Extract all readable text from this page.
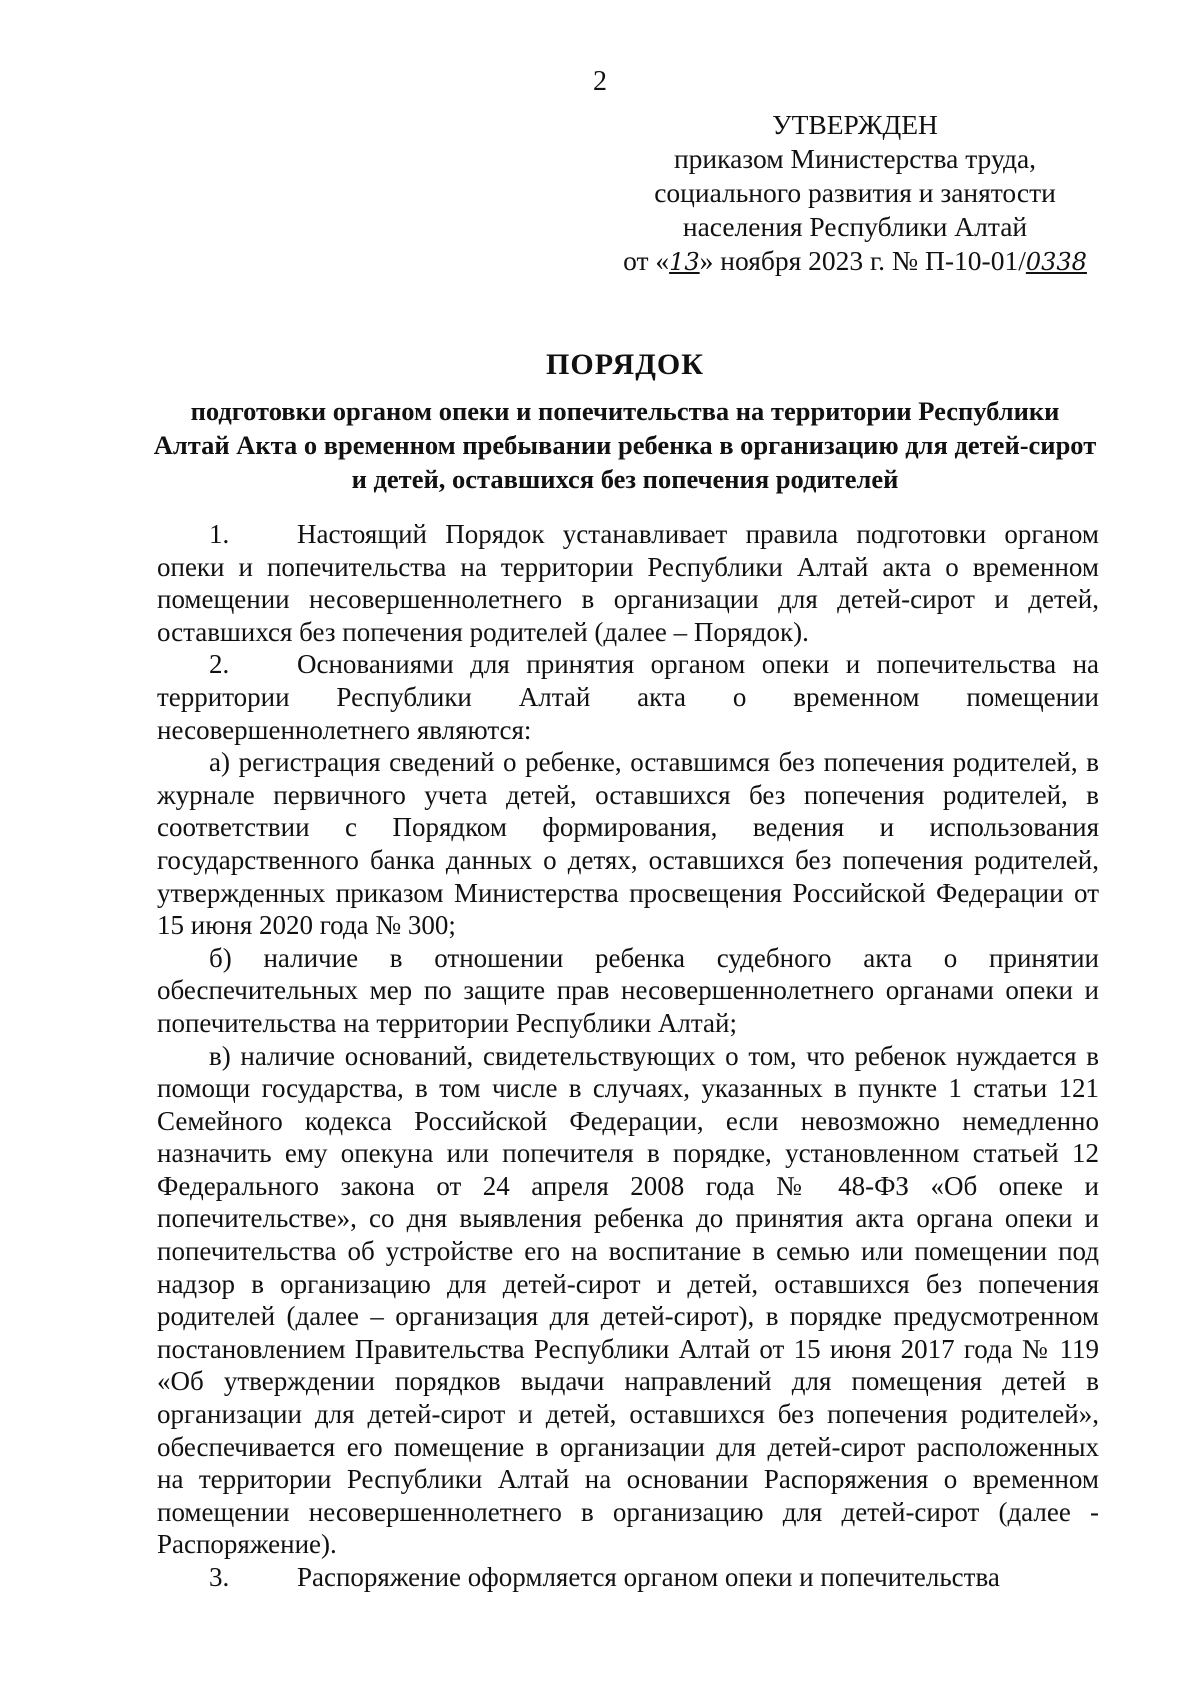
2
УТВЕРЖДЕН
приказом Министерства труда,
социального развития и занятости
населения Республики Алтай
от «13» ноября 2023 г. № П-10-01/0338
ПОРЯДОК
подготовки органом опеки и попечительства на территории Республики Алтай Акта о временном пребывании ребенка в организацию для детей-сирот и детей, оставшихся без попечения родителей

1.	Настоящий Порядок устанавливает правила подготовки органом опеки и попечительства на территории Республики Алтай акта о временном помещении несовершеннолетнего в организации для детей-сирот и детей, оставшихся без попечения родителей (далее – Порядок).

2.	Основаниями для принятия органом опеки и попечительства на территории Республики Алтай акта о временном помещении несовершеннолетнего являются:

а) регистрация сведений о ребенке, оставшимся без попечения родителей, в журнале первичного учета детей, оставшихся без попечения родителей, в соответствии с Порядком формирования, ведения и использования государственного банка данных о детях, оставшихся без попечения родителей, утвержденных приказом Министерства просвещения Российской Федерации от 15 июня 2020 года № 300;

б) наличие в отношении ребенка судебного акта о принятии обеспечительных мер по защите прав несовершеннолетнего органами опеки и попечительства на территории Республики Алтай;

в) наличие оснований, свидетельствующих о том, что ребенок нуждается в помощи государства, в том числе в случаях, указанных в пункте 1 статьи 121 Семейного кодекса Российской Федерации, если невозможно немедленно назначить ему опекуна или попечителя в порядке, установленном статьей 12 Федерального закона от 24 апреля 2008 года № 48-ФЗ «Об опеке и попечительстве», со дня выявления ребенка до принятия акта органа опеки и попечительства об устройстве его на воспитание в семью или помещении под надзор в организацию для детей-сирот и детей, оставшихся без попечения родителей (далее – организация для детей-сирот), в порядке предусмотренном постановлением Правительства Республики Алтай от 15 июня 2017 года № 119 «Об утверждении порядков выдачи направлений для помещения детей в организации для детей-сирот и детей, оставшихся без попечения родителей», обеспечивается его помещение в организации для детей-сирот расположенных на территории Республики Алтай на основании Распоряжения о временном помещении несовершеннолетнего в организацию для детей-сирот (далее - Распоряжение).

3.	Распоряжение оформляется органом опеки и попечительства
